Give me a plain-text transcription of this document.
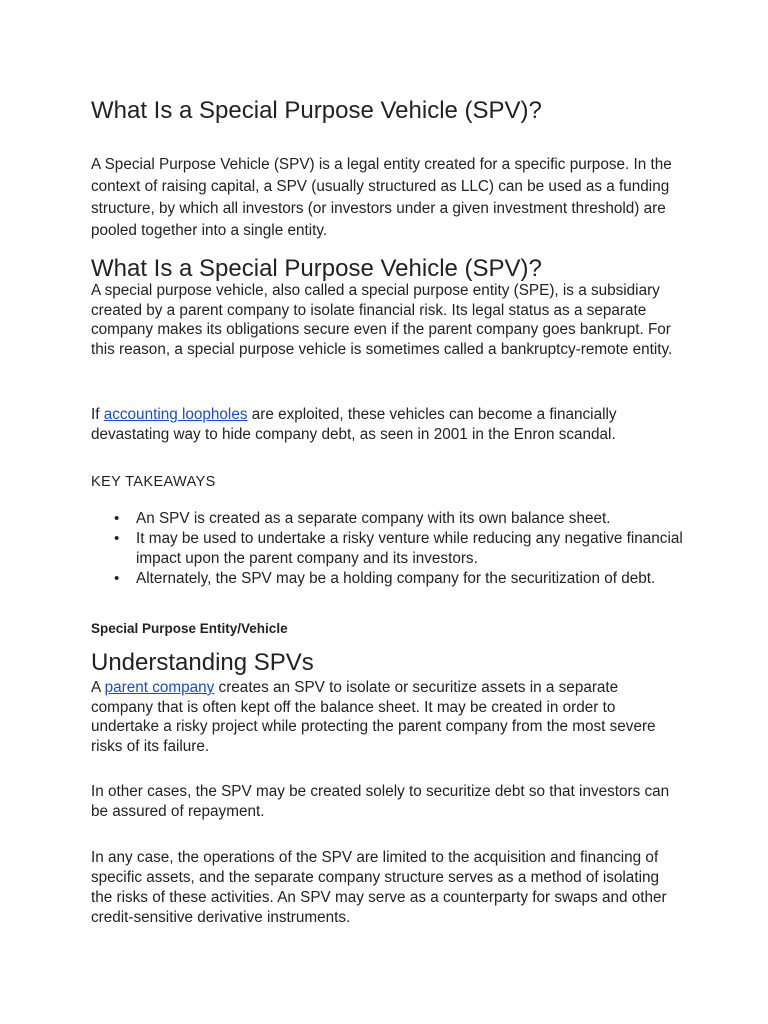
What Is a Special Purpose Vehicle (SPV)?

A Special Purpose Vehicle (SPV) is a legal entity created for a specific purpose. In the context of raising capital, a SPV (usually structured as LLC) can be used as a funding structure, by which all investors (or investors under a given investment threshold) are pooled together into a single entity.

What Is a Special Purpose Vehicle (SPV)?

A special purpose vehicle, also called a special purpose entity (SPE), is a subsidiary created by a parent company to isolate financial risk. Its legal status as a separate company makes its obligations secure even if the parent company goes bankrupt. For this reason, a special purpose vehicle is sometimes called a bankruptcy-remote entity.

If accounting loopholes are exploited, these vehicles can become a financially devastating way to hide company debt, as seen in 2001 in the Enron scandal.

KEY TAKEAWAYS
• An SPV is created as a separate company with its own balance sheet.
• It may be used to undertake a risky venture while reducing any negative financial impact upon the parent company and its investors.
• Alternately, the SPV may be a holding company for the securitization of debt.
Special Purpose Entity/Vehicle
Understanding SPVs

A parent company creates an SPV to isolate or securitize assets in a separate company that is often kept off the balance sheet. It may be created in order to undertake a risky project while protecting the parent company from the most severe risks of its failure.

In other cases, the SPV may be created solely to securitize debt so that investors can be assured of repayment.

In any case, the operations of the SPV are limited to the acquisition and financing of specific assets, and the separate company structure serves as a method of isolating the risks of these activities. An SPV may serve as a counterparty for swaps and other credit-sensitive derivative instruments.
